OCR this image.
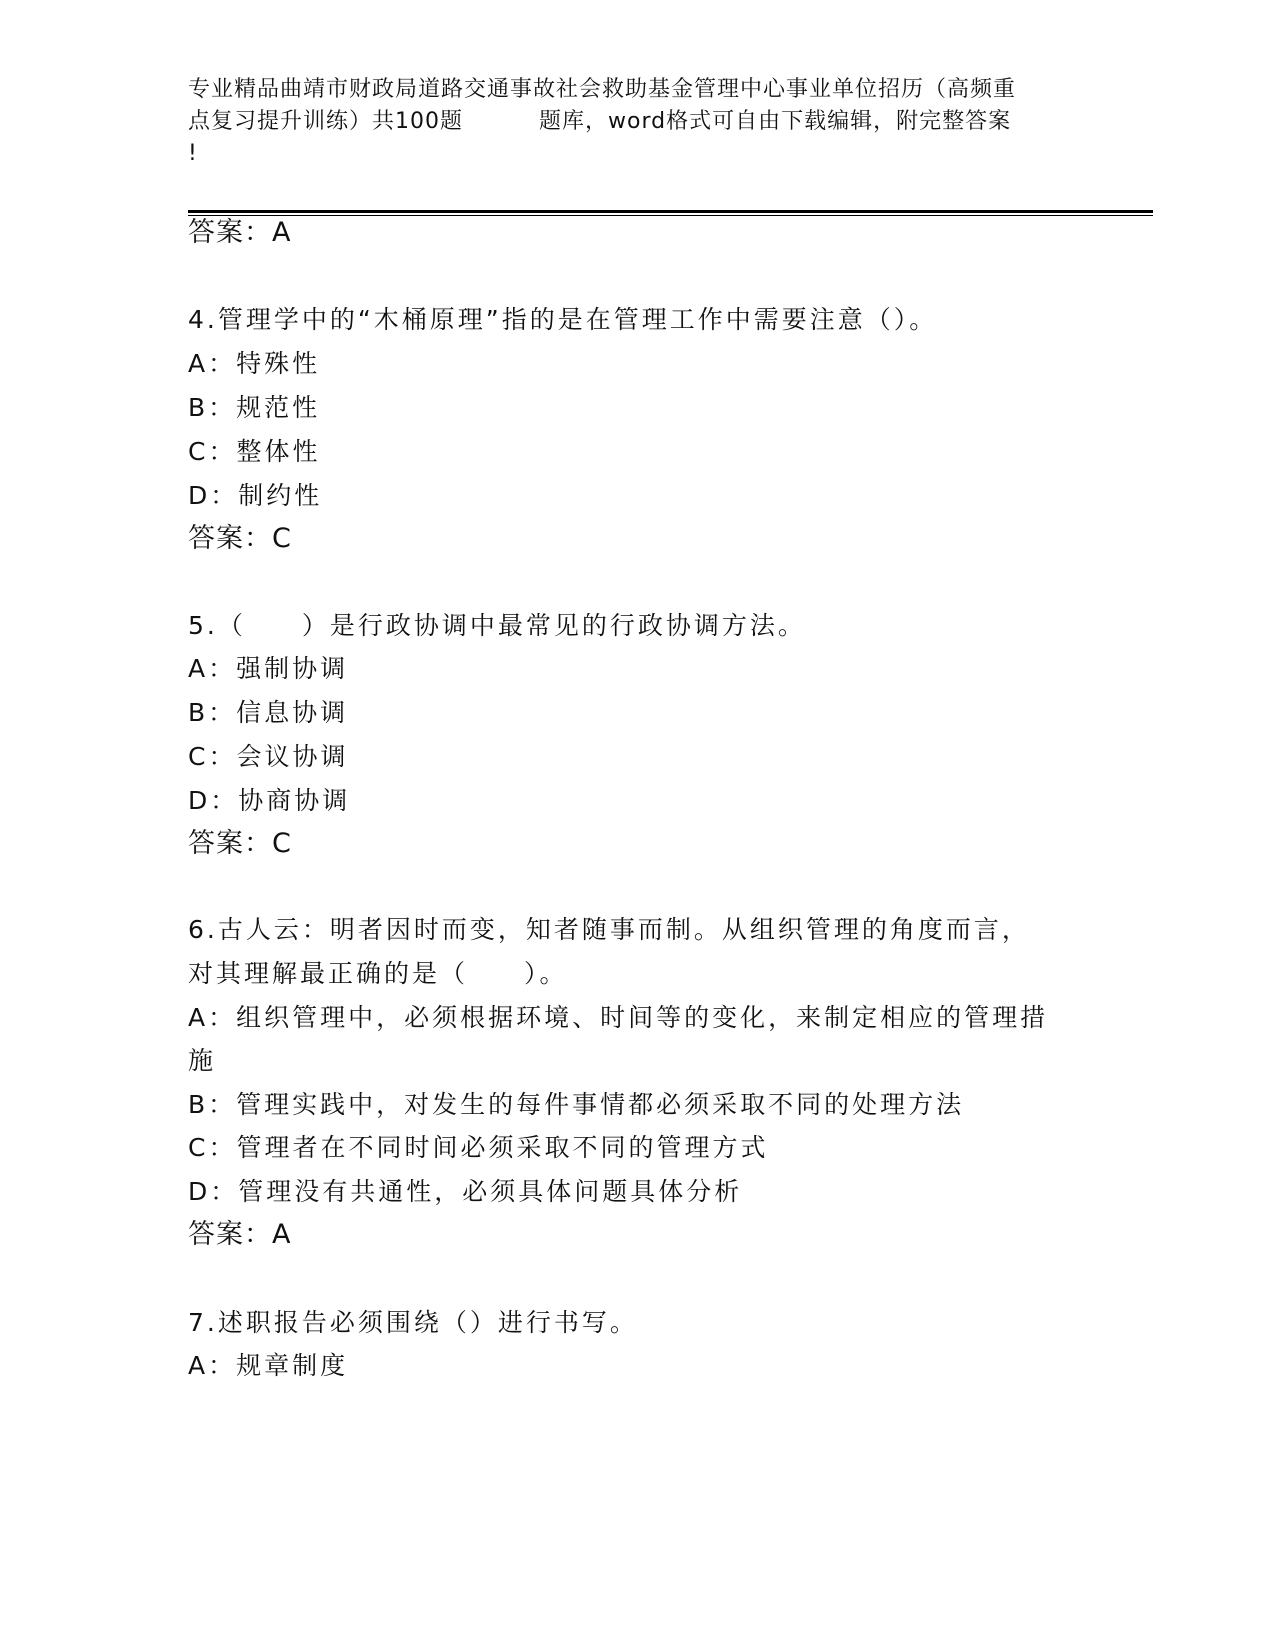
专业精品曲靖市财政局道路交通事故社会救助基金管理中心事业单位招历（高频重
点复习提升训练）共100题	题库，word格式可自由下载编辑，附完整答案
!
答案：A
4.管理学中的“木桶原理”指的是在管理工作中需要注意（）。
A：特殊性
B：规范性
C：整体性
D：制约性
答案：C
5.（　　）是行政协调中最常见的行政协调方法。
A：强制协调
B：信息协调
C：会议协调
D：协商协调
答案：C
6.古人云：明者因时而变，知者随事而制。从组织管理的角度而言，
对其理解最正确的是（　　）。
A：组织管理中，必须根据环境、时间等的变化，来制定相应的管理措
施
B：管理实践中，对发生的每件事情都必须采取不同的处理方法
C：管理者在不同时间必须采取不同的管理方式
D：管理没有共通性，必须具体问题具体分析
答案：A
7.述职报告必须围绕（）进行书写。
A：规章制度
